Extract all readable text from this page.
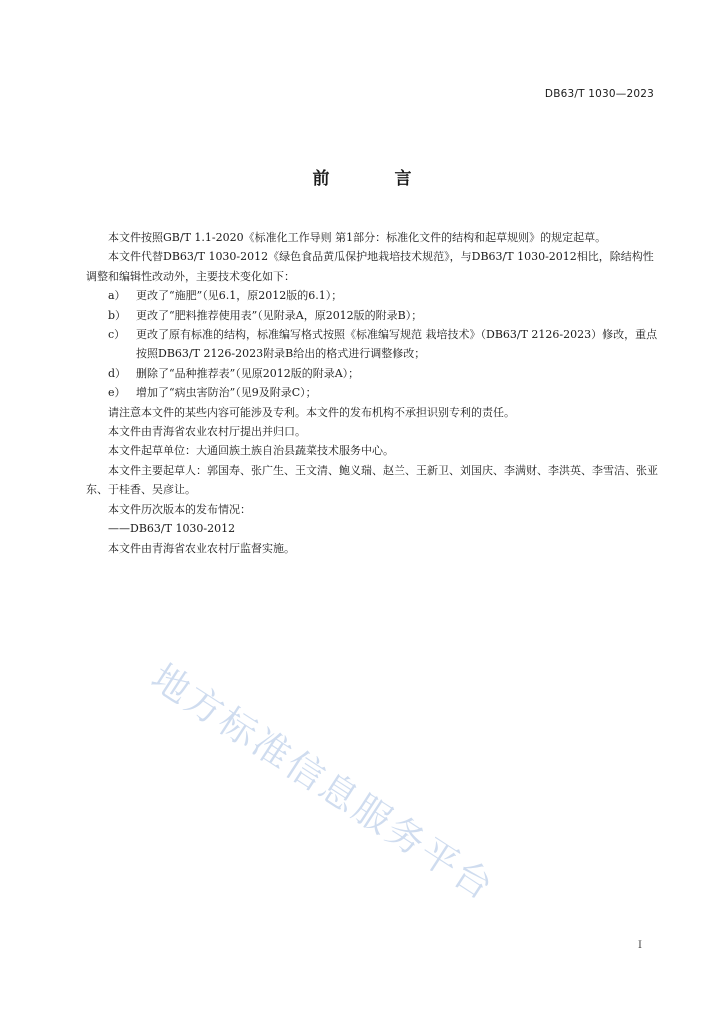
DB63/T 1030—2023
前　言

本文件按照GB/T 1.1-2020《标准化工作导则 第1部分：标准化文件的结构和起草规则》的规定起草。

本文件代替DB63/T 1030-2012《绿色食品黄瓜保护地栽培技术规范》，与DB63/T 1030-2012相比，除结构性调整和编辑性改动外，主要技术变化如下：

a） 更改了“施肥”（见6.1，原2012版的6.1）；
b） 更改了“肥料推荐使用表”（见附录A，原2012版的附录B）；
c） 更改了原有标准的结构，标准编写格式按照《标准编写规范 栽培技术》（DB63/T 2126-2023）修改，重点按照DB63/T 2126-2023附录B给出的格式进行调整修改；
d） 删除了“品种推荐表”（见原2012版的附录A）；
e） 增加了“病虫害防治”（见9及附录C）；

请注意本文件的某些内容可能涉及专利。本文件的发布机构不承担识别专利的责任。

本文件由青海省农业农村厅提出并归口。

本文件起草单位：大通回族土族自治县蔬菜技术服务中心。

本文件主要起草人：郭国寿、张广生、王文清、鲍义瑞、赵兰、王新卫、刘国庆、李满财、李洪英、李雪洁、张亚东、于桂香、吴彦让。

本文件历次版本的发布情况：

——DB63/T 1030-2012

本文件由青海省农业农村厅监督实施。

地方标准信息服务平台
I
